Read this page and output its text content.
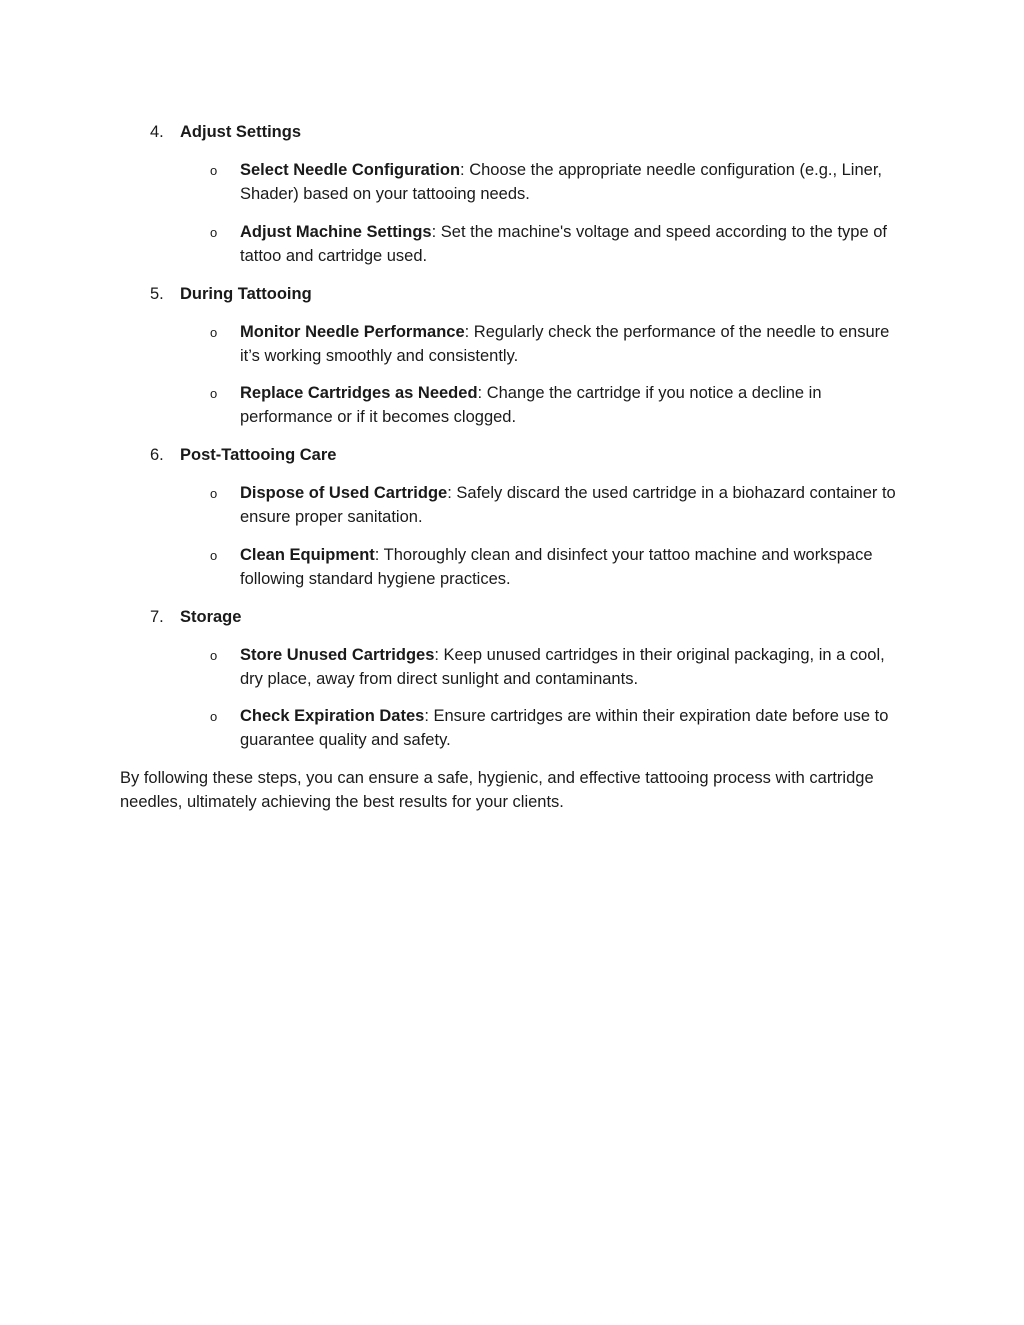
4. Adjust Settings
o	Select Needle Configuration: Choose the appropriate needle configuration (e.g., Liner, Shader) based on your tattooing needs.
o	Adjust Machine Settings: Set the machine's voltage and speed according to the type of tattoo and cartridge used.
5. During Tattooing
o	Monitor Needle Performance: Regularly check the performance of the needle to ensure it’s working smoothly and consistently.
o	Replace Cartridges as Needed: Change the cartridge if you notice a decline in performance or if it becomes clogged.
6. Post-Tattooing Care
o	Dispose of Used Cartridge: Safely discard the used cartridge in a biohazard container to ensure proper sanitation.
o	Clean Equipment: Thoroughly clean and disinfect your tattoo machine and workspace following standard hygiene practices.
7. Storage
o	Store Unused Cartridges: Keep unused cartridges in their original packaging, in a cool, dry place, away from direct sunlight and contaminants.
o	Check Expiration Dates: Ensure cartridges are within their expiration date before use to guarantee quality and safety.
By following these steps, you can ensure a safe, hygienic, and effective tattooing process with cartridge needles, ultimately achieving the best results for your clients.
